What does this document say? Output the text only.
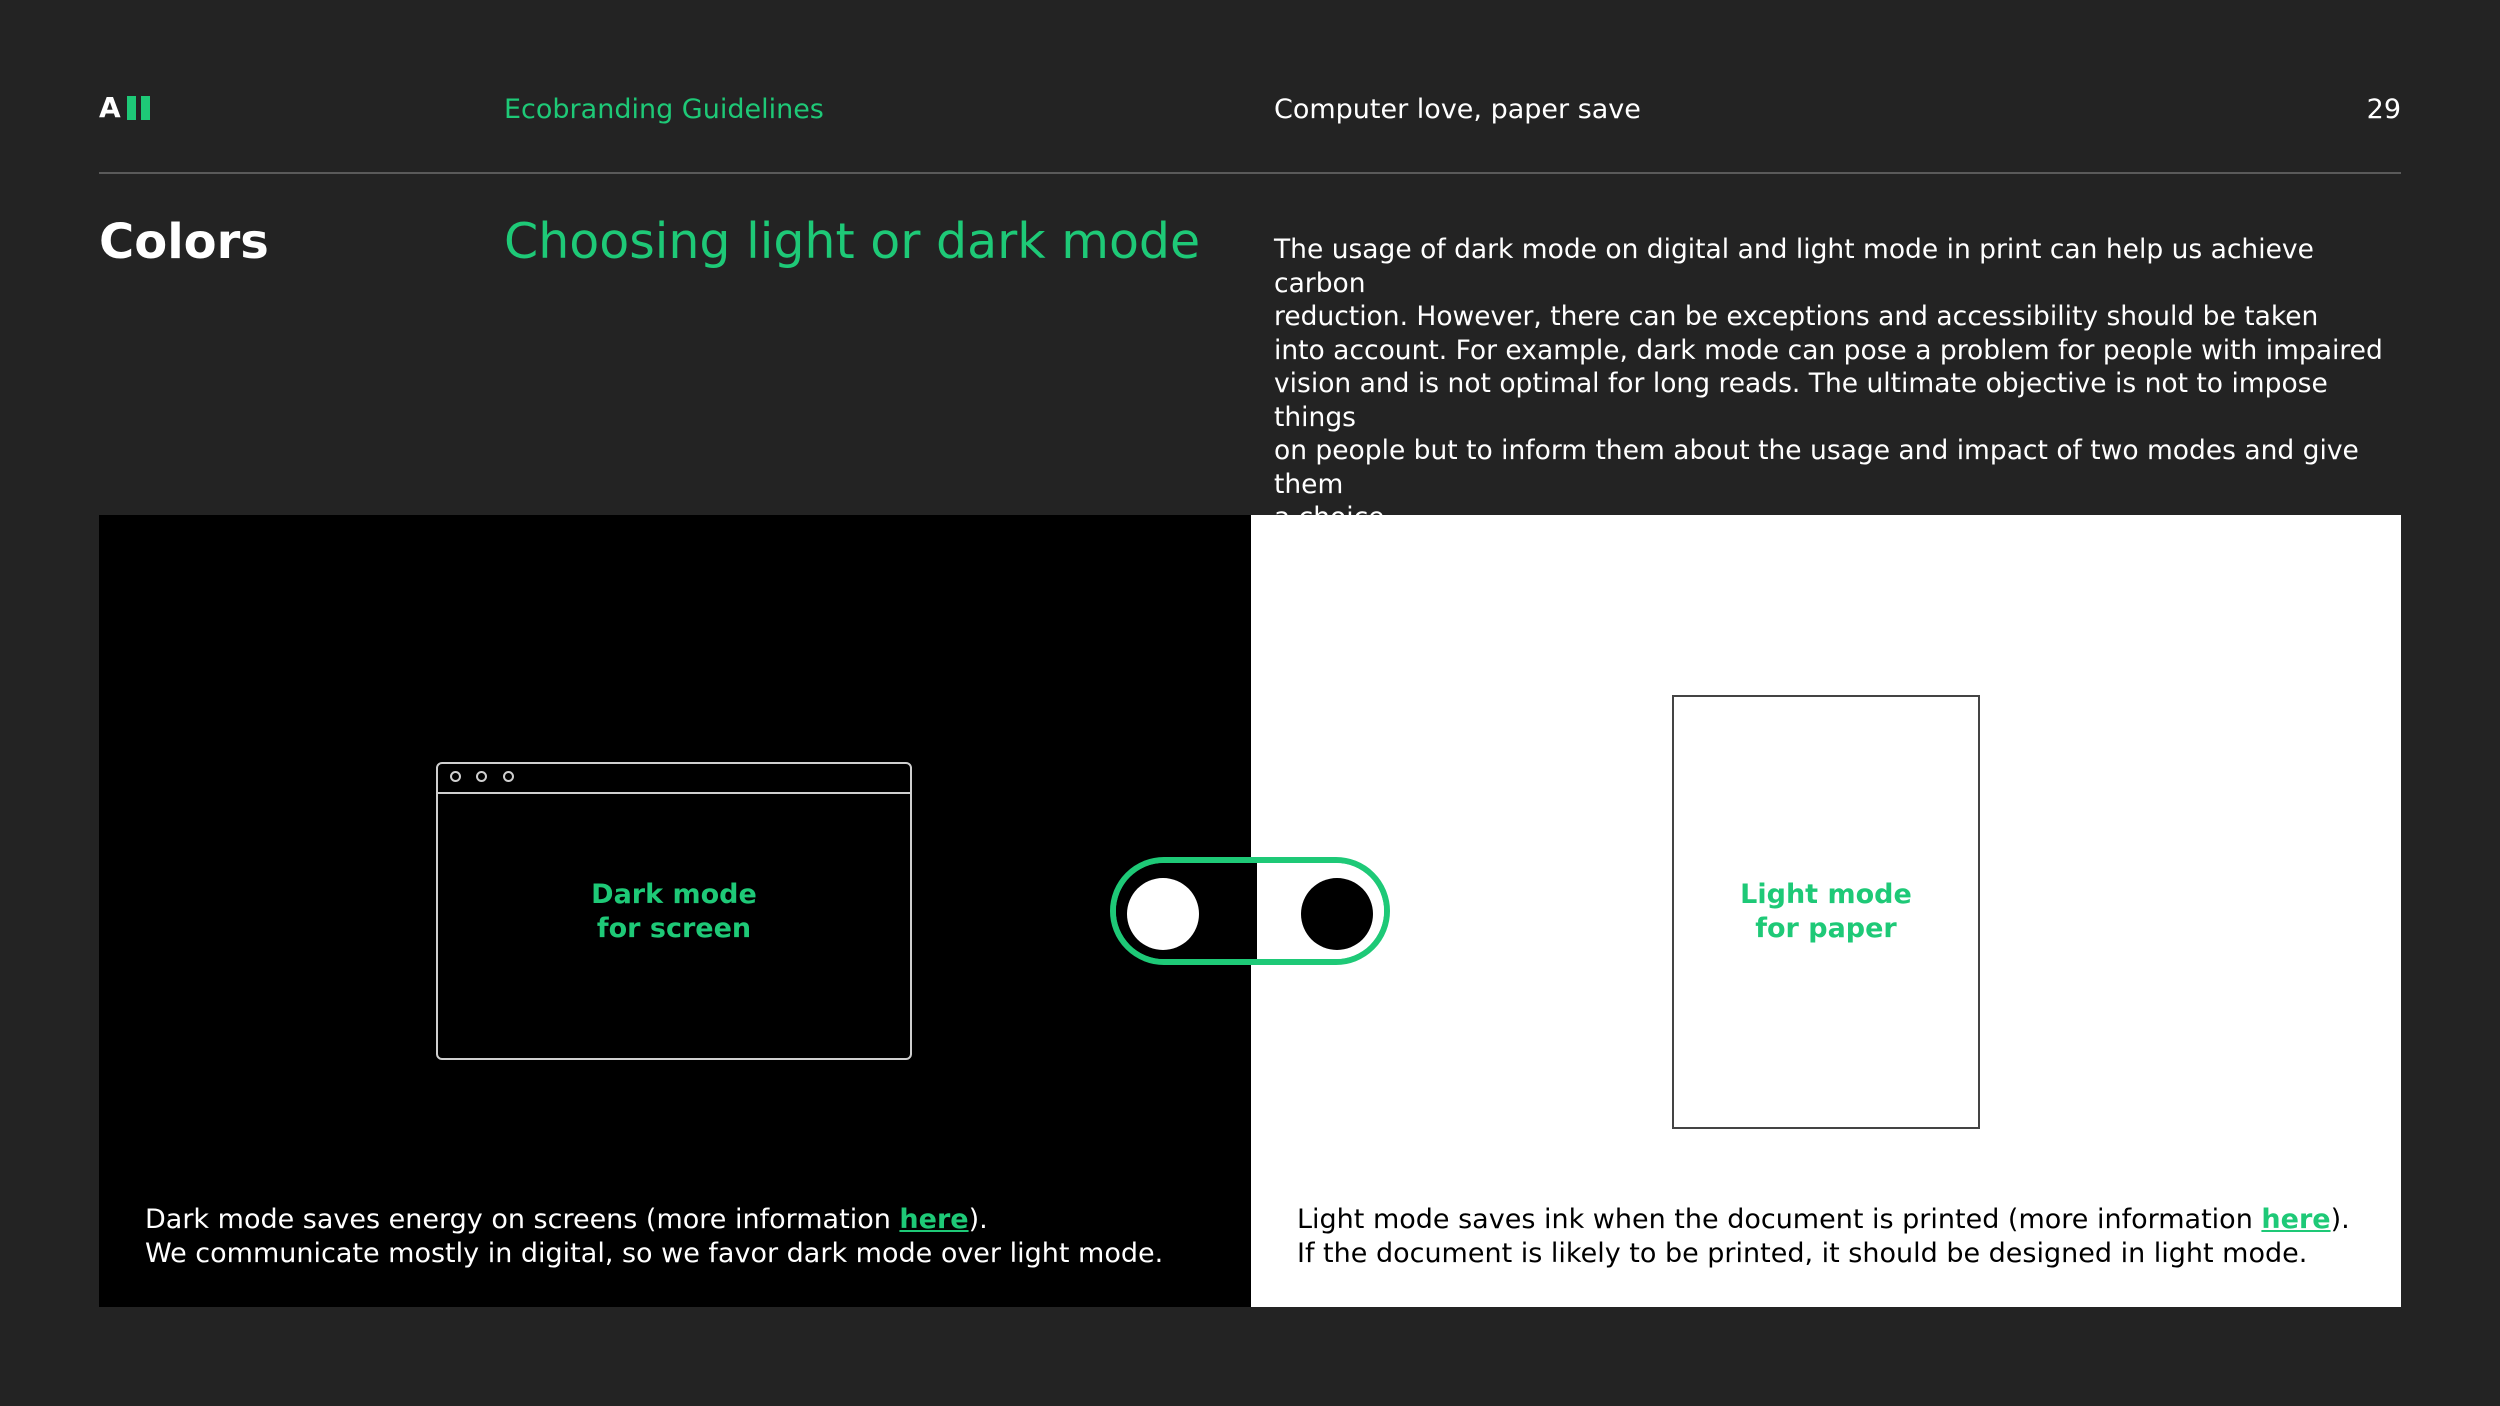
A	Ecobranding Guidelines	Computer love, paper save	29
Colors	Choosing light or dark mode	The usage of dark mode on digital and light mode in print can help us achieve carbon
reduction. However, there can be exceptions and accessibility should be taken
into account. For example, dark mode can pose a problem for people with impaired
vision and is not optimal for long reads. The ultimate objective is not to impose things
on people but to inform them about the usage and impact of two modes and give them
Dark mode
for screen
Light mode
for paper
Dark mode saves energy on screens (more information here).
We communicate mostly in digital, so we favor dark mode over light mode.
Light mode saves ink when the document is printed (more information here).
If the document is likely to be printed, it should be designed in light mode.
